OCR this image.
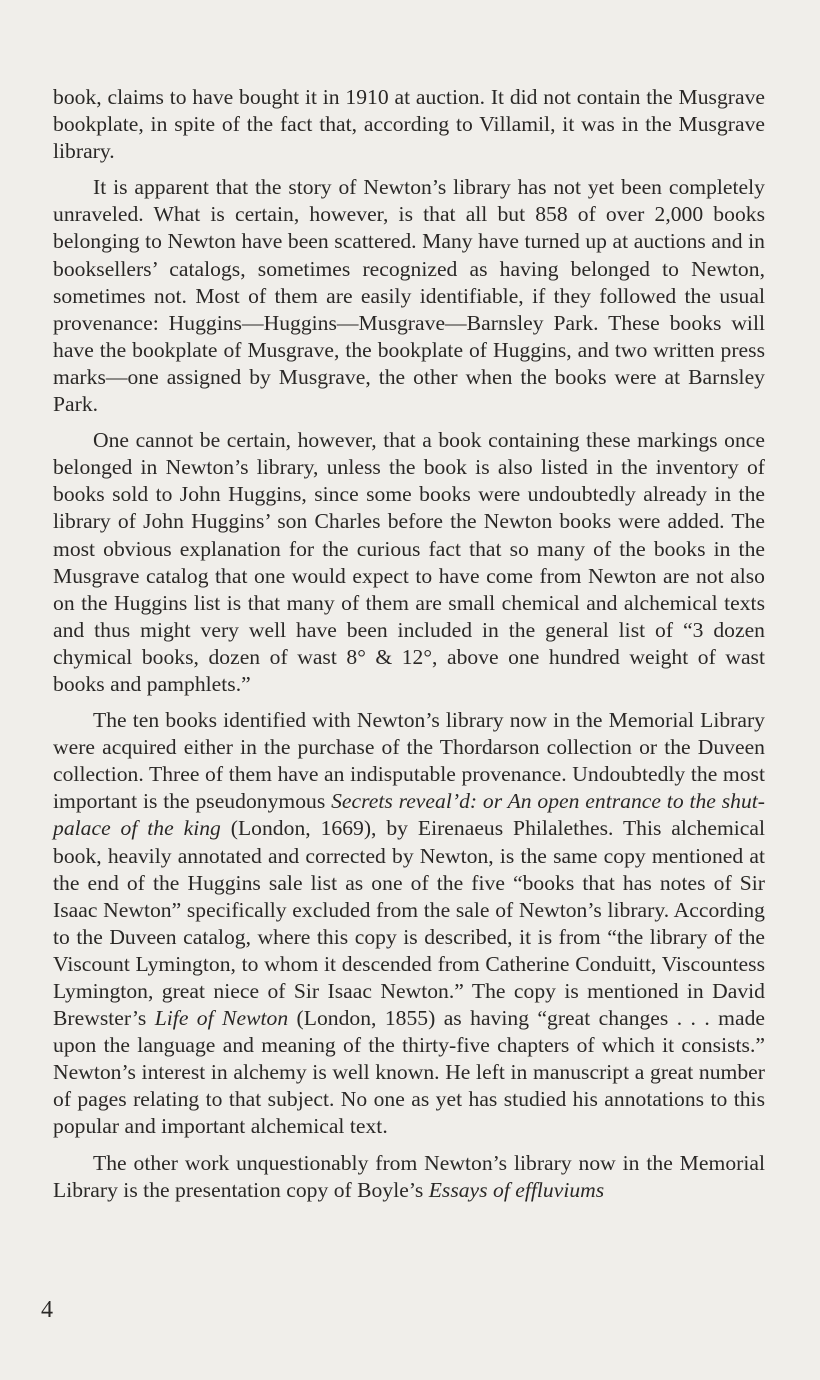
book, claims to have bought it in 1910 at auction. It did not contain the Musgrave bookplate, in spite of the fact that, according to Villamil, it was in the Musgrave library.

It is apparent that the story of Newton’s library has not yet been completely unraveled. What is certain, however, is that all but 858 of over 2,000 books belonging to Newton have been scattered. Many have turned up at auctions and in booksellers’ catalogs, sometimes recognized as having belonged to Newton, sometimes not. Most of them are easily identifiable, if they followed the usual provenance: Huggins—Huggins—Musgrave—Barnsley Park. These books will have the bookplate of Musgrave, the bookplate of Huggins, and two written press marks—one assigned by Musgrave, the other when the books were at Barnsley Park.

One cannot be certain, however, that a book containing these markings once belonged in Newton’s library, unless the book is also listed in the inventory of books sold to John Huggins, since some books were undoubtedly already in the library of John Huggins’ son Charles before the Newton books were added. The most obvious explanation for the curious fact that so many of the books in the Musgrave catalog that one would expect to have come from Newton are not also on the Huggins list is that many of them are small chemical and alchemical texts and thus might very well have been included in the general list of “3 dozen chymical books, dozen of wast 8° & 12°, above one hundred weight of wast books and pamphlets.”

The ten books identified with Newton’s library now in the Memorial Library were acquired either in the purchase of the Thordarson collection or the Duveen collection. Three of them have an indisputable provenance. Undoubtedly the most important is the pseudonymous Secrets reveal’d: or An open entrance to the shut-palace of the king (London, 1669), by Eirenaeus Philalethes. This alchemical book, heavily annotated and corrected by Newton, is the same copy mentioned at the end of the Huggins sale list as one of the five “books that has notes of Sir Isaac Newton” specifically excluded from the sale of Newton’s library. According to the Duveen catalog, where this copy is described, it is from “the library of the Viscount Lymington, to whom it descended from Catherine Conduitt, Viscountess Lymington, great niece of Sir Isaac Newton.” The copy is mentioned in David Brewster’s Life of Newton (London, 1855) as having “great changes . . . made upon the language and meaning of the thirty-five chapters of which it consists.” Newton’s interest in alchemy is well known. He left in manuscript a great number of pages relating to that subject. No one as yet has studied his annotations to this popular and important alchemical text.

The other work unquestionably from Newton’s library now in the Memorial Library is the presentation copy of Boyle’s Essays of effluviums

4
